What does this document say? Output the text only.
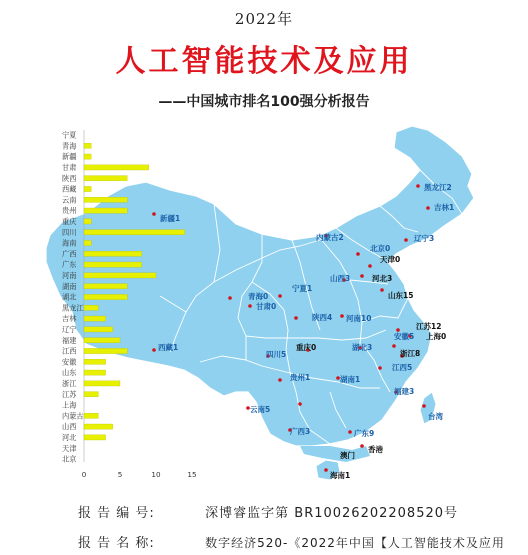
2022年
人工智能技术及应用
——中国城市排名100强分析报告
新疆1
西藏1
青海0
甘肃0
宁夏1
内蒙古2
黑龙江2
吉林1
辽宁3
北京0
天津0
河北3
山西3
山东15
陕西4 河南10
江苏12
上海0
安徽5
浙江8
四川5
重庆0	湖北3
湖南1
江西5
贵州1
云南5
福建3
广西3	广东9
台湾
香港
澳门
海南1
宁夏
青海
新疆
甘肃
陕西
西藏
云南
贵州
重庆
四川
海南
广西
广东
河南
湖南
湖北
黑龙江
吉林
辽宁
福建
江西
安徽
山东
浙江
江苏
上海
内蒙古
山西
河北
天津
北京
0	5	10	15
报 告 编 号:	深博睿监字第 BR10026202208520号
报 告 名 称:	数字经济520-《2022年中国【人工智能技术及应用
